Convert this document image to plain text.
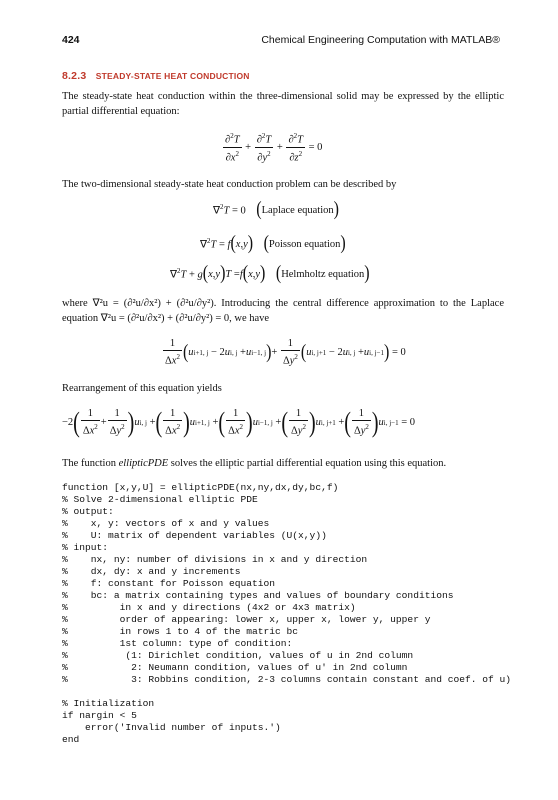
424	Chemical Engineering Computation with MATLAB®
8.2.3 STEADY-STATE HEAT CONDUCTION
The steady-state heat conduction within the three-dimensional solid may be expressed by the elliptic partial differential equation:
$\frac{\partial^2T}{\partial x^2} + \frac{\partial^2T}{\partial y^2} + \frac{\partial^2T}{\partial z^2} = 0$
The two-dimensional steady-state heat conduction problem can be described by
∇$^2$T = 0 ( Laplace equation )
∇$^2$T = f ( x , y )
( Poisson equation )
∇$^2$T + g ( x , y ) T = f ( x , y )
( Helmholtz equation )
where ∇²u = (∂²u/∂x²) + (∂²u/∂y²). Introducing the central difference approximation to the Laplace equation ∇²u = (∂²u/∂x²) + (∂²u/∂y²) = 0, we have
$\frac{1}{\Delta x^2}$ ( u i+1, j − 2 u i, j + u i−1, j ) + $\frac{1}{\Delta y^2}$ ( u i, j+1 − 2 u i, j + u i, j−1 ) = 0
Rearrangement of this equation yields
−2 ( $\frac{1}{\Delta x^2} + \frac{1}{\Delta y^2}$ ) u i, j + ( $\frac{1}{\Delta x^2}$ ) u i+1, j + ( $\frac{1}{\Delta x^2}$ ) u i−1, j + ( $\frac{1}{\Delta y^2}$ ) u i, j+1 + ( $\frac{1}{\Delta y^2}$ ) u i, j−1 = 0
The function ellipticPDE solves the elliptic partial differential equation using this equation.
function [x,y,U] = ellipticPDE(nx,ny,dx,dy,bc,f)
% Solve 2-dimensional elliptic PDE
% output:
%    x, y: vectors of x and y values
%    U: matrix of dependent variables (U(x,y))
% input:
%    nx, ny: number of divisions in x and y direction
%    dx, dy: x and y increments
%    f: constant for Poisson equation
%    bc: a matrix containing types and values of boundary conditions
%         in x and y directions (4x2 or 4x3 matrix)
%         order of appearing: lower x, upper x, lower y, upper y
%         in rows 1 to 4 of the matric bc
%         1st column: type of condition:
%          (1: Dirichlet condition, values of u in 2nd column
%           2: Neumann condition, values of u' in 2nd column
%           3: Robbins condition, 2-3 columns contain constant and coef. of u)
% Initialization
if nargin < 5
error('Invalid number of inputs.')
end
